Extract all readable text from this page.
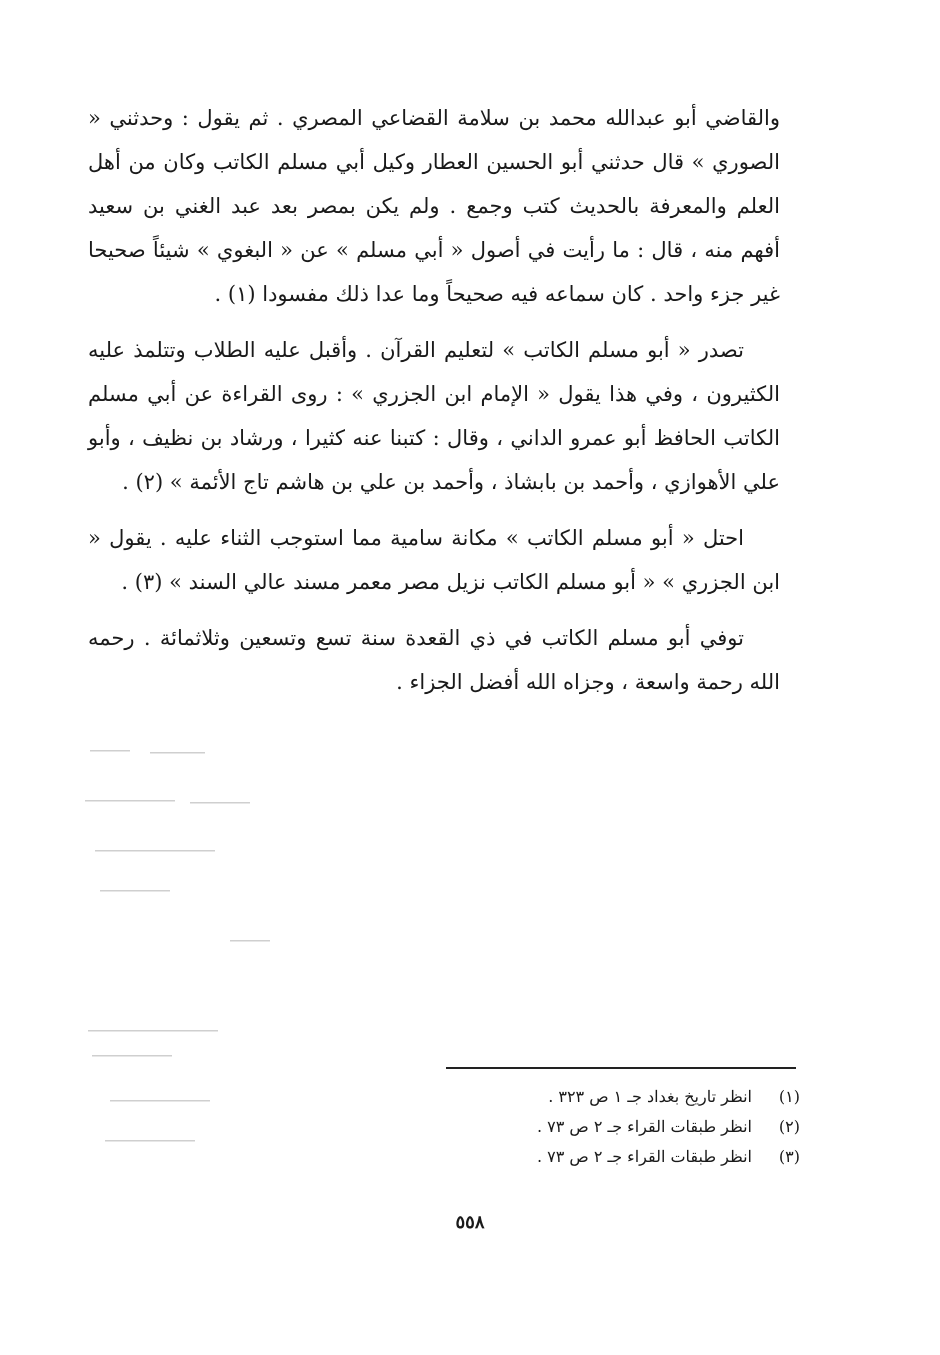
والقاضي أبو عبدالله محمد بن سلامة القضاعي المصري . ثم يقول : وحدثني « الصوري » قال حدثني أبو الحسين العطار وكيل أبي مسلم الكاتب وكان من أهل العلم والمعرفة بالحديث كتب وجمع . ولم يكن بمصر بعد عبد الغني بن سعيد أفهم منه ، قال : ما رأيت في أصول « أبي مسلم » عن « البغوي » شيئاً صحيحا غير جزء واحد . كان سماعه فيه صحيحاً وما عدا ذلك مفسودا (١) .

تصدر « أبو مسلم الكاتب » لتعليم القرآن . وأقبل عليه الطلاب وتتلمذ عليه الكثيرون ، وفي هذا يقول « الإمام ابن الجزري » : روى القراءة عن أبي مسلم الكاتب الحافظ أبو عمرو الداني ، وقال : كتبنا عنه كثيرا ، ورشاد بن نظيف ، وأبو علي الأهوازي ، وأحمد بن بابشاذ ، وأحمد بن علي بن هاشم تاج الأئمة » (٢) .

احتل « أبو مسلم الكاتب » مكانة سامية مما استوجب الثناء عليه . يقول « ابن الجزري » « أبو مسلم الكاتب نزيل مصر معمر مسند عالي السند » (٣) .

توفي أبو مسلم الكاتب في ذي القعدة سنة تسع وتسعين وثلاثمائة . رحمه الله رحمة واسعة ، وجزاه الله أفضل الجزاء .

(١)
انظر تاريخ بغداد جـ ١ ص ٣٢٣ .
(٢)
انظر طبقات القراء جـ ٢ ص ٧٣ .
(٣)
انظر طبقات القراء جـ ٢ ص ٧٣ .
٥٥٨
